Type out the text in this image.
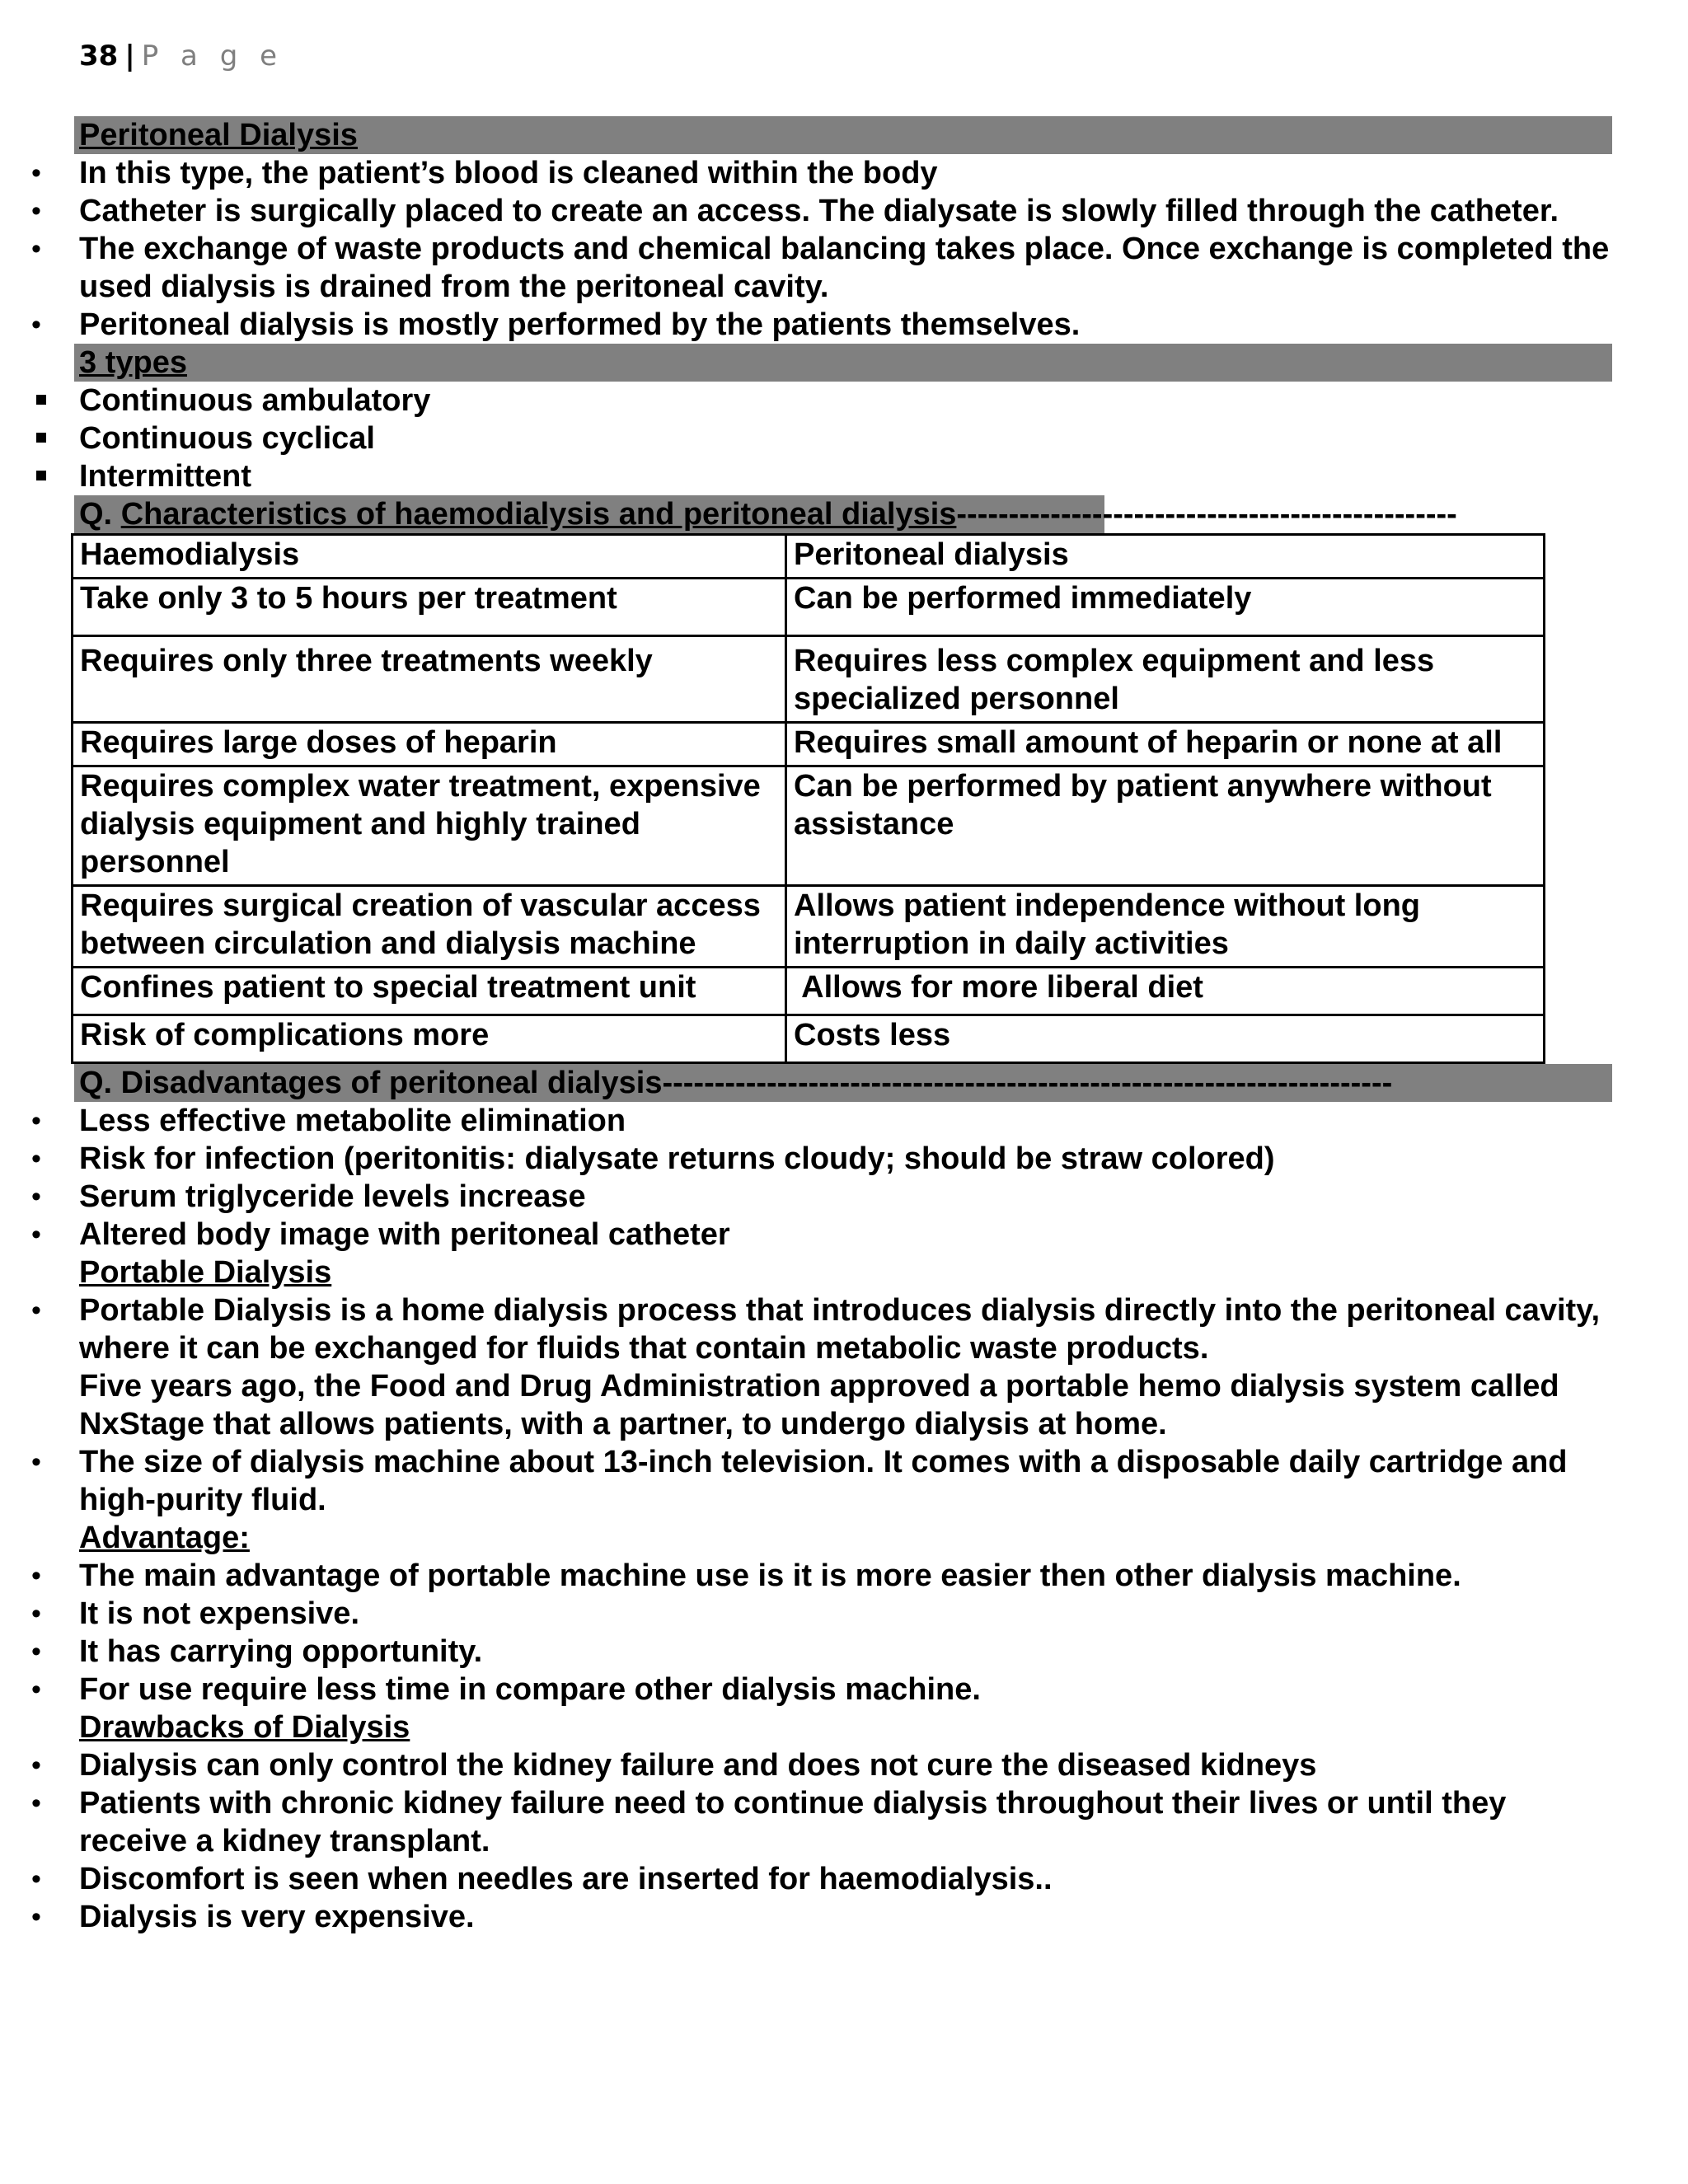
38 | P a g e
Peritoneal Dialysis
• In this type, the patient’s blood is cleaned within the body
• Catheter is surgically placed to create an access. The dialysate is slowly filled through the catheter.
• The exchange of waste products and chemical balancing takes place. Once exchange is completed the used dialysis is drained from the peritoneal cavity.
• Peritoneal dialysis is mostly performed by the patients themselves.
3 types
Continuous ambulatory
Continuous cyclical
Intermittent
Q. Characteristics of haemodialysis and peritoneal dialysis------------------------------------------------
Haemodialysis	Peritoneal dialysis
Take only 3 to 5 hours per treatment	Can be performed immediately
Requires only three treatments weekly	Requires less complex equipment and less specialized personnel
Requires large doses of heparin	Requires small amount of heparin or none at all
Requires complex water treatment, expensive dialysis equipment and highly trained personnel	Can be performed by patient anywhere without assistance
Requires surgical creation of vascular access between circulation and dialysis machine	Allows patient independence without long interruption in daily activities
Confines patient to special treatment unit	Allows for more liberal diet
Risk of complications more	Costs less
Q. Disadvantages of peritoneal dialysis----------------------------------------------------------------------
• Less effective metabolite elimination
• Risk for infection (peritonitis: dialysate returns cloudy; should be straw colored)
• Serum triglyceride levels increase
• Altered body image with peritoneal catheter
Portable Dialysis
• Portable Dialysis is a home dialysis process that introduces dialysis directly into the peritoneal cavity, where it can be exchanged for fluids that contain metabolic waste products.
Five years ago, the Food and Drug Administration approved a portable hemo dialysis system called NxStage that allows patients, with a partner, to undergo dialysis at home.
• The size of dialysis machine about 13-inch television. It comes with a disposable daily cartridge and high-purity fluid.
Advantage:
• The main advantage of portable machine use is it is more easier then other dialysis machine.
• It is not expensive.
• It has carrying opportunity.
• For use require less time in compare other dialysis machine.
Drawbacks of Dialysis
• Dialysis can only control the kidney failure and does not cure the diseased kidneys
• Patients with chronic kidney failure need to continue dialysis throughout their lives or until they receive a kidney transplant.
• Discomfort is seen when needles are inserted for haemodialysis..
• Dialysis is very expensive.
